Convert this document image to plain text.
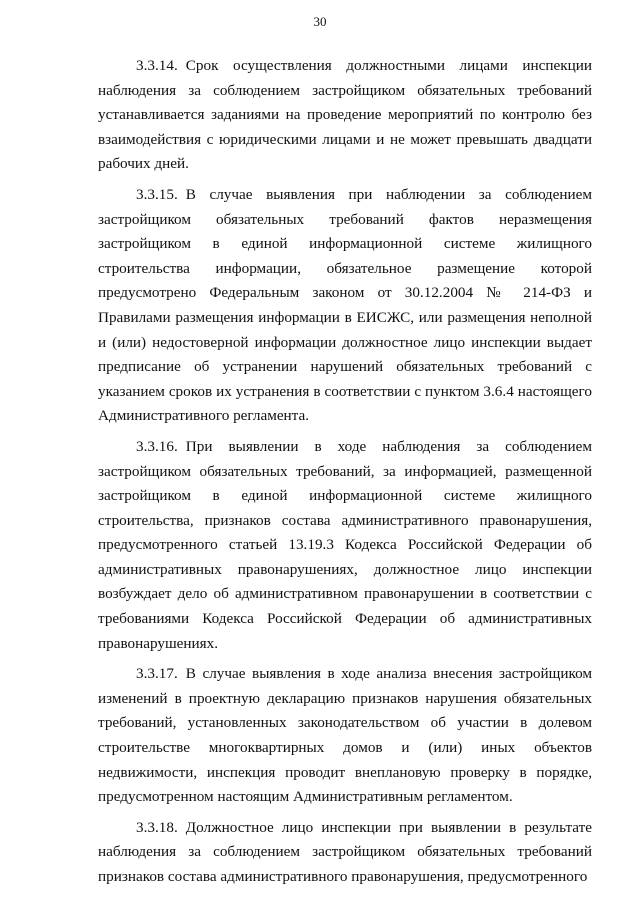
30

3.3.14. Срок осуществления должностными лицами инспекции наблюдения за соблюдением застройщиком обязательных требований устанавливается заданиями на проведение мероприятий по контролю без взаимодействия с юридическими лицами и не может превышать двадцати рабочих дней.

3.3.15. В случае выявления при наблюдении за соблюдением застройщиком обязательных требований фактов неразмещения застройщиком в единой информационной системе жилищного строительства информации, обязательное размещение которой предусмотрено Федеральным законом от 30.12.2004 № 214-ФЗ и Правилами размещения информации в ЕИСЖС, или размещения неполной и (или) недостоверной информации должностное лицо инспекции выдает предписание об устранении нарушений обязательных требований с указанием сроков их устранения в соответствии с пунктом 3.6.4 настоящего Административного регламента.

3.3.16. При выявлении в ходе наблюдения за соблюдением застройщиком обязательных требований, за информацией, размещенной застройщиком в единой информационной системе жилищного строительства, признаков состава административного правонарушения, предусмотренного статьей 13.19.3 Кодекса Российской Федерации об административных правонарушениях, должностное лицо инспекции возбуждает дело об административном правонарушении в соответствии с требованиями Кодекса Российской Федерации об административных правонарушениях.

3.3.17. В случае выявления в ходе анализа внесения застройщиком изменений в проектную декларацию признаков нарушения обязательных требований, установленных законодательством об участии в долевом строительстве многоквартирных домов и (или) иных объектов недвижимости, инспекция проводит внеплановую проверку в порядке, предусмотренном настоящим Административным регламентом.

3.3.18. Должностное лицо инспекции при выявлении в результате наблюдения за соблюдением застройщиком обязательных требований признаков состава административного правонарушения, предусмотренного
